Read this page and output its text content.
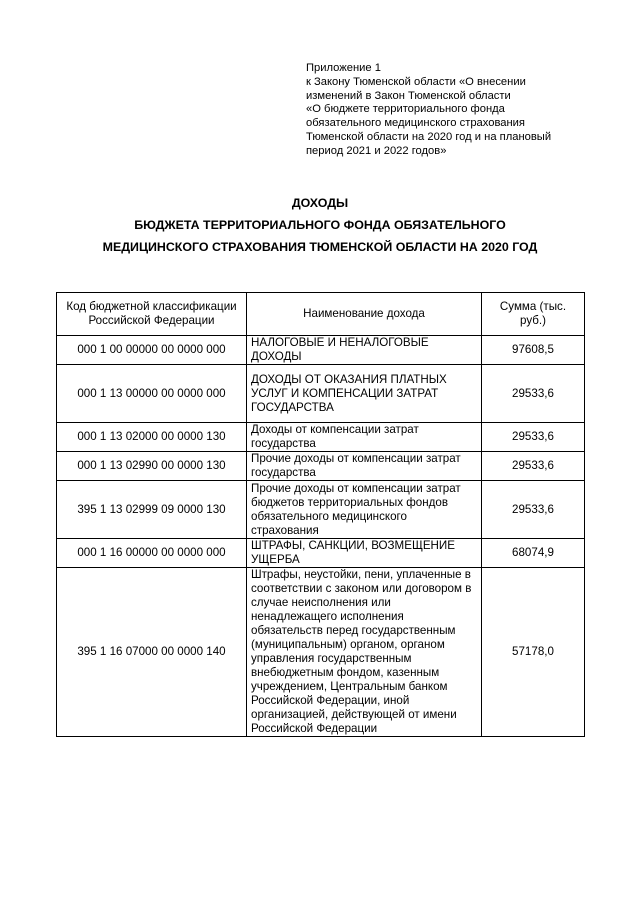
Приложение 1
к Закону Тюменской области «О внесении
изменений в Закон Тюменской области
«О бюджете территориального фонда
обязательного медицинского страхования
Тюменской области на 2020 год и на плановый
период 2021 и 2022 годов»
ДОХОДЫ
БЮДЖЕТА ТЕРРИТОРИАЛЬНОГО ФОНДА ОБЯЗАТЕЛЬНОГО
МЕДИЦИНСКОГО СТРАХОВАНИЯ ТЮМЕНСКОЙ ОБЛАСТИ НА 2020 ГОД
Код бюджетной классификации Российской Федерации	Наименование дохода	Сумма (тыс. руб.)
000 1 00 00000 00 0000 000	НАЛОГОВЫЕ И НЕНАЛОГОВЫЕ ДОХОДЫ	97608,5
000 1 13 00000 00 0000 000	ДОХОДЫ ОТ ОКАЗАНИЯ ПЛАТНЫХ УСЛУГ И КОМПЕНСАЦИИ ЗАТРАТ ГОСУДАРСТВА	29533,6
000 1 13 02000 00 0000 130	Доходы от компенсации затрат государства	29533,6
000 1 13 02990 00 0000 130	Прочие доходы от компенсации затрат государства	29533,6
395 1 13 02999 09 0000 130	Прочие доходы от компенсации затрат бюджетов территориальных фондов обязательного медицинского страхования	29533,6
000 1 16 00000 00 0000 000	ШТРАФЫ, САНКЦИИ, ВОЗМЕЩЕНИЕ УЩЕРБА	68074,9
395 1 16 07000 00 0000 140	Штрафы, неустойки, пени, уплаченные в соответствии с законом или договором в случае неисполнения или ненадлежащего исполнения обязательств перед государственным (муниципальным) органом, органом управления государственным внебюджетным фондом, казенным учреждением, Центральным банком Российской Федерации, иной организацией, действующей от имени Российской Федерации	57178,0
